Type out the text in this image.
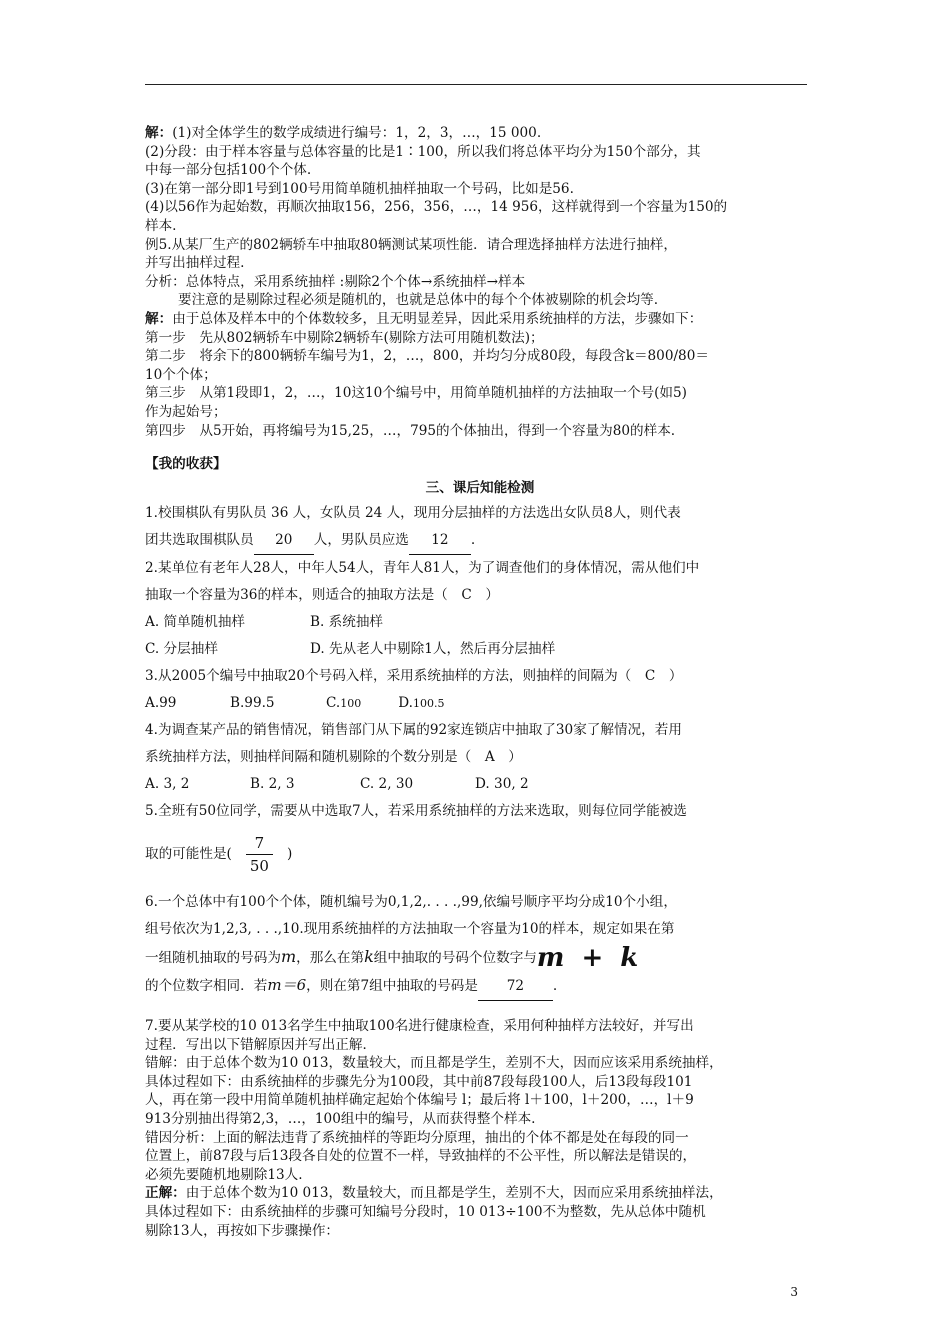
解：(1)对全体学生的数学成绩进行编号：1，2，3，…，15 000.
(2)分段：由于样本容量与总体容量的比是1∶100，所以我们将总体平均分为150个部分，其
中每一部分包括100个个体.
(3)在第一部分即1号到100号用简单随机抽样抽取一个号码，比如是56.
(4)以56作为起始数，再顺次抽取156，256，356，…，14 956，这样就得到一个容量为150的
样本.
例5.从某厂生产的802辆轿车中抽取80辆测试某项性能．请合理选择抽样方法进行抽样，
并写出抽样过程.
分析：总体特点，采用系统抽样 :剔除2个个体→系统抽样→样本
要注意的是剔除过程必须是随机的，也就是总体中的每个个体被剔除的机会均等.
解：由于总体及样本中的个体数较多，且无明显差异，因此采用系统抽样的方法，步骤如下：
第一步　先从802辆轿车中剔除2辆轿车(剔除方法可用随机数法)；
第二步　将余下的800辆轿车编号为1，2，…，800，并均匀分成80段，每段含k＝800/80＝
10个个体；
第三步　从第1段即1，2，…，10这10个编号中，用简单随机抽样的方法抽取一个号(如5)
作为起始号；
第四步　从5开始，再将编号为15,25，…，795的个体抽出，得到一个容量为80的样本.
【我的收获】
三、课后知能检测
1.校围棋队有男队员 36 人，女队员 24 人，现用分层抽样的方法选出女队员8人，则代表
团共选取围棋队员 20 人，男队员应选 12 .
2.某单位有老年人28人，中年人54人，青年人81人，为了调查他们的身体情况，需从他们中
抽取一个容量为36的样本，则适合的抽取方法是（　C　）
A. 简单随机抽样	B. 系统抽样
C. 分层抽样	D. 先从老人中剔除1人，然后再分层抽样
3.从2005个编号中抽取20个号码入样，采用系统抽样的方法，则抽样的间隔为（　C　）
A.99	B.99.5	C.100	D.100.5
4.为调查某产品的销售情况，销售部门从下属的92家连锁店中抽取了30家了解情况，若用
系统抽样方法，则抽样间隔和随机剔除的个数分别是（　A　）
A. 3, 2	B. 2, 3	C. 2, 30	D. 30, 2
5.全班有50位同学，需要从中选取7人，若采用系统抽样的方法来选取，则每位同学能被选
取的可能性是( $\frac{7}{50}$ )
6.一个总体中有100个个体，随机编号为0,1,2,. . . .,99,依编号顺序平均分成10个小组，
组号依次为1,2,3, . . .,10.现用系统抽样的方法抽取一个容量为10的样本，规定如果在第
一组随机抽取的号码为m，那么在第k组中抽取的号码个位数字与m + k
的个位数字相同．若m＝6，则在第7组中抽取的号码是 72 .
7.要从某学校的10 013名学生中抽取100名进行健康检查，采用何种抽样方法较好，并写出
过程．写出以下错解原因并写出正解．
错解：由于总体个数为10 013，数量较大，而且都是学生，差别不大，因而应该采用系统抽样，
具体过程如下：由系统抽样的步骤先分为100段，其中前87段每段100人，后13段每段101
人，再在第一段中用简单随机抽样确定起始个体编号 l；最后将 l＋100，l＋200，…，l＋9
913分别抽出得第2,3，…，100组中的编号，从而获得整个样本.
错因分析：上面的解法违背了系统抽样的等距均分原理，抽出的个体不都是处在每段的同一
位置上，前87段与后13段各自处的位置不一样，导致抽样的不公平性，所以解法是错误的，
必须先要随机地剔除13人.
正解：由于总体个数为10 013，数量较大，而且都是学生，差别不大，因而应采用系统抽样法，
具体过程如下：由系统抽样的步骤可知编号分段时，10 013÷100不为整数，先从总体中随机
剔除13人，再按如下步骤操作：
3
